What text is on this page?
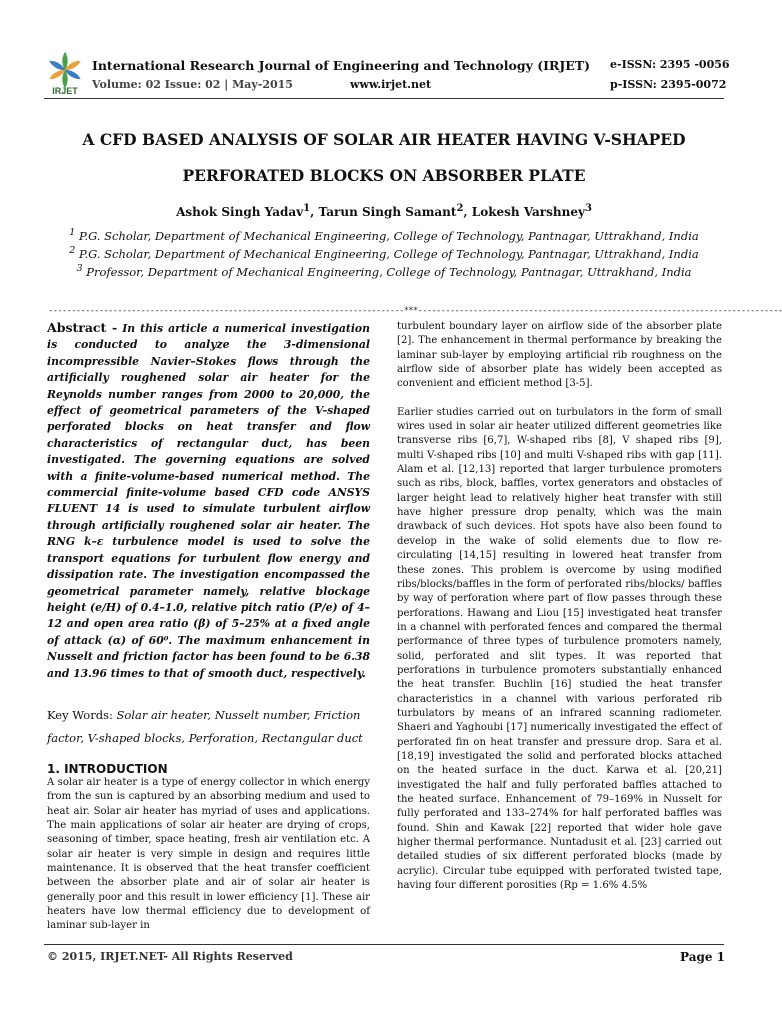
IRJET
International Research Journal of Engineering and Technology (IRJET)
Volume: 02 Issue: 02 | May-2015	www.irjet.net
e-ISSN: 2395 -0056
p-ISSN: 2395-0072
A CFD BASED ANALYSIS OF SOLAR AIR HEATER HAVING V-SHAPED PERFORATED BLOCKS ON ABSORBER PLATE
Ashok Singh Yadav$^1$, Tarun Singh Samant$^2$, Lokesh Varshney$^3$
$^1$ P.G. Scholar, Department of Mechanical Engineering, College of Technology, Pantnagar, Uttrakhand, India
$^2$ P.G. Scholar, Department of Mechanical Engineering, College of Technology, Pantnagar, Uttrakhand, India
$^3$ Professor, Department of Mechanical Engineering, College of Technology, Pantnagar, Uttrakhand, India
-----------------------------------------------------------------------------***-------------------------------------------------------------------------------

Abstract - In this article a numerical investigation is conducted to analyze the 3-dimensional incompressible Navier–Stokes flows through the artificially roughened solar air heater for the Reynolds number ranges from 2000 to 20,000, the effect of geometrical parameters of the V-shaped perforated blocks on heat transfer and flow characteristics of rectangular duct, has been investigated. The governing equations are solved with a finite-volume-based numerical method. The commercial finite-volume based CFD code ANSYS FLUENT 14 is used to simulate turbulent airflow through artificially roughened solar air heater. The RNG k–ε turbulence model is used to solve the transport equations for turbulent flow energy and dissipation rate. The investigation encompassed the geometrical parameter namely, relative blockage height (e/H) of 0.4–1.0, relative pitch ratio (P/e) of 4–12 and open area ratio (β) of 5–25% at a fixed angle of attack (α) of 60⁰. The maximum enhancement in Nusselt and friction factor has been found to be 6.38 and 13.96 times to that of smooth duct, respectively.

Key Words: Solar air heater, Nusselt number, Friction factor, V-shaped blocks, Perforation, Rectangular duct
1. INTRODUCTION

A solar air heater is a type of energy collector in which energy from the sun is captured by an absorbing medium and used to heat air. Solar air heater has myriad of uses and applications. The main applications of solar air heater are drying of crops, seasoning of timber, space heating, fresh air ventilation etc. A solar air heater is very simple in design and requires little maintenance. It is observed that the heat transfer coefficient between the absorber plate and air of solar air heater is generally poor and this result in lower efficiency [1]. These air heaters have low thermal efficiency due to development of laminar sub-layer in

turbulent boundary layer on airflow side of the absorber plate [2]. The enhancement in thermal performance by breaking the laminar sub-layer by employing artificial rib roughness on the airflow side of absorber plate has widely been accepted as convenient and efficient method [3-5].

Earlier studies carried out on turbulators in the form of small wires used in solar air heater utilized different geometries like transverse ribs [6,7], W-shaped ribs [8], V shaped ribs [9], multi V-shaped ribs [10] and multi V-shaped ribs with gap [11]. Alam et al. [12,13] reported that larger turbulence promoters such as ribs, block, baffles, vortex generators and obstacles of larger height lead to relatively higher heat transfer with still have higher pressure drop penalty, which was the main drawback of such devices. Hot spots have also been found to develop in the wake of solid elements due to flow re-circulating [14,15] resulting in lowered heat transfer from these zones. This problem is overcome by using modified ribs/blocks/baffles in the form of perforated ribs/blocks/ baffles by way of perforation where part of flow passes through these perforations. Hawang and Liou [15] investigated heat transfer in a channel with perforated fences and compared the thermal performance of three types of turbulence promoters namely, solid, perforated and slit types. It was reported that perforations in turbulence promoters substantially enhanced the heat transfer. Buchlin [16] studied the heat transfer characteristics in a channel with various perforated rib turbulators by means of an infrared scanning radiometer. Shaeri and Yaghoubi [17] numerically investigated the effect of perforated fin on heat transfer and pressure drop. Sara et al. [18,19] investigated the solid and perforated blocks attached on the heated surface in the duct. Karwa et al. [20,21] investigated the half and fully perforated baffles attached to the heated surface. Enhancement of 79–169% in Nusselt for fully perforated and 133–274% for half perforated baffles was found. Shin and Kawak [22] reported that wider hole gave higher thermal performance. Nuntadusit et al. [23] carried out detailed studies of six different perforated blocks (made by acrylic). Circular tube equipped with perforated twisted tape, having four different porosities (Rp = 1.6% 4.5%

© 2015, IRJET.NET- All Rights Reserved	Page 1
